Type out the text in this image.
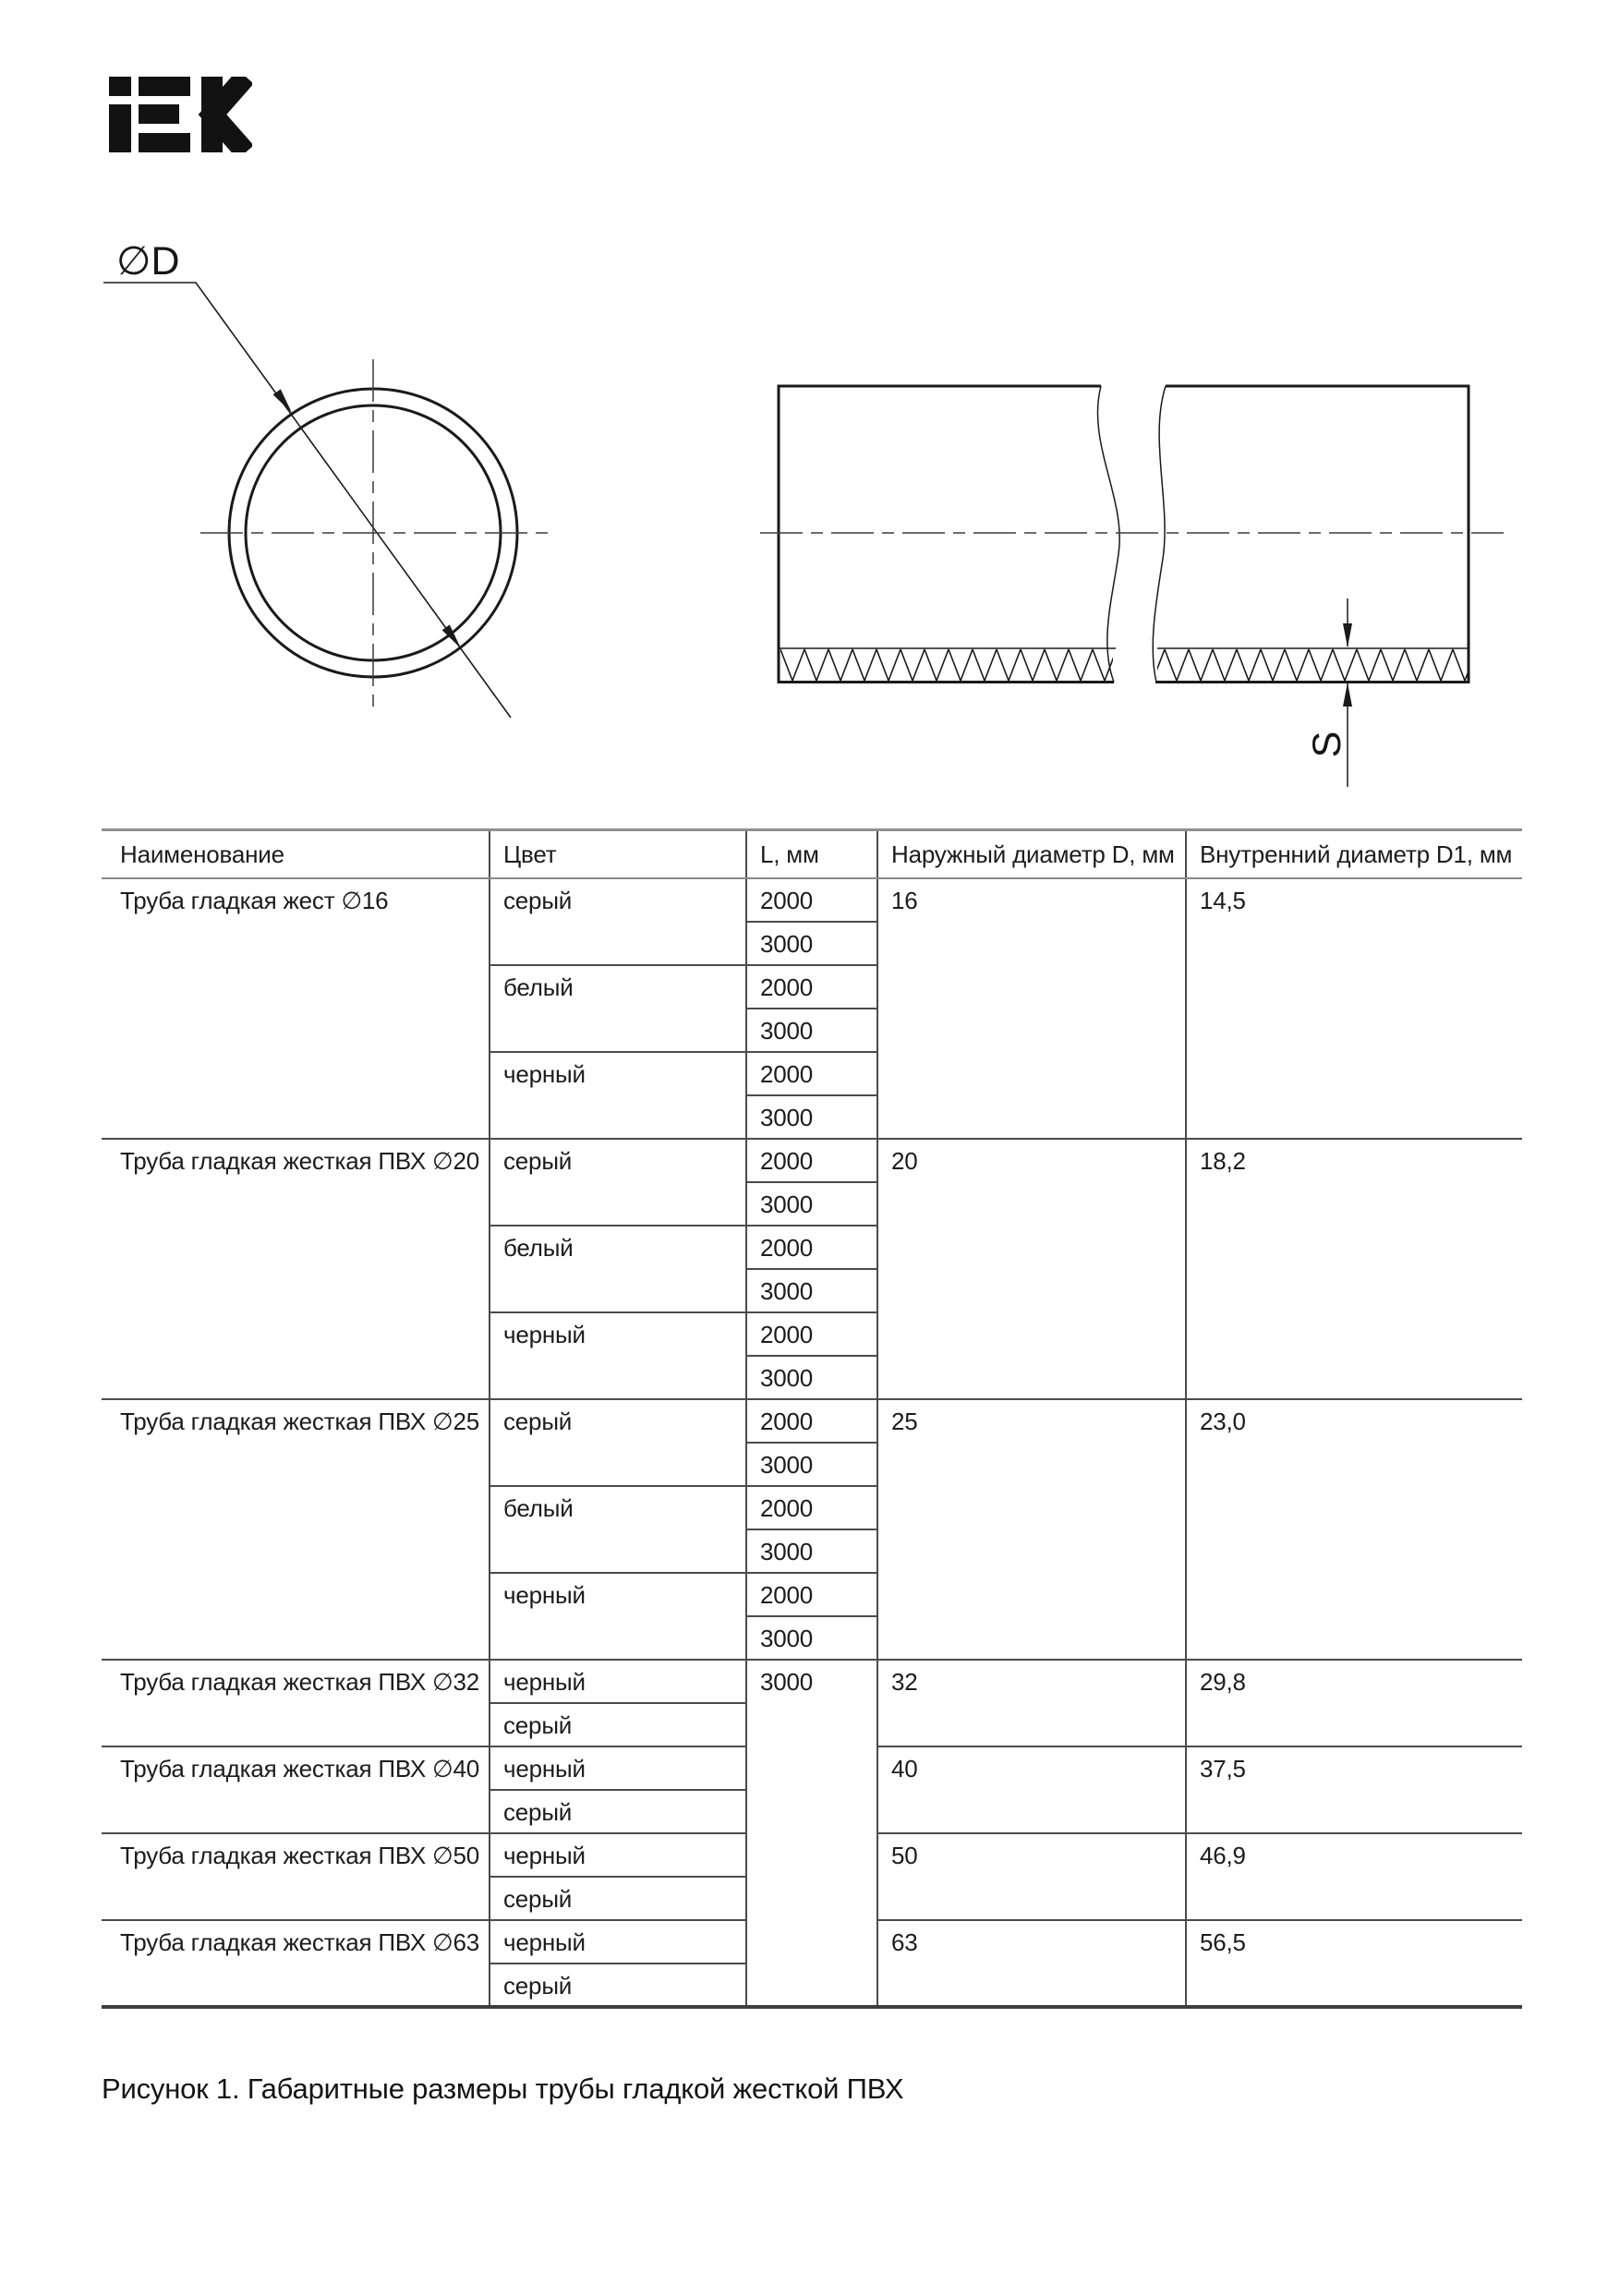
∅D
S
Наименование	Цвет	L, мм	Наружный диаметр D, мм	Внутренний диаметр D1, мм
Труба гладкая жест ∅16	серый	2000	16	14,5
		3000		
	белый	2000		
		3000		
	черный	2000		
		3000		
Труба гладкая жесткая ПВХ ∅20	серый	2000	20	18,2
		3000		
	белый	2000		
		3000		
	черный	2000		
		3000		
Труба гладкая жесткая ПВХ ∅25	серый	2000	25	23,0
		3000		
	белый	2000		
		3000		
	черный	2000		
		3000		
Труба гладкая жесткая ПВХ ∅32	черный	3000	32	29,8
	серый			
Труба гладкая жесткая ПВХ ∅40	черный		40	37,5
	серый			
Труба гладкая жесткая ПВХ ∅50	черный		50	46,9
	серый			
Труба гладкая жесткая ПВХ ∅63	черный		63	56,5
	серый			
Рисунок 1. Габаритные размеры трубы гладкой жесткой ПВХ
